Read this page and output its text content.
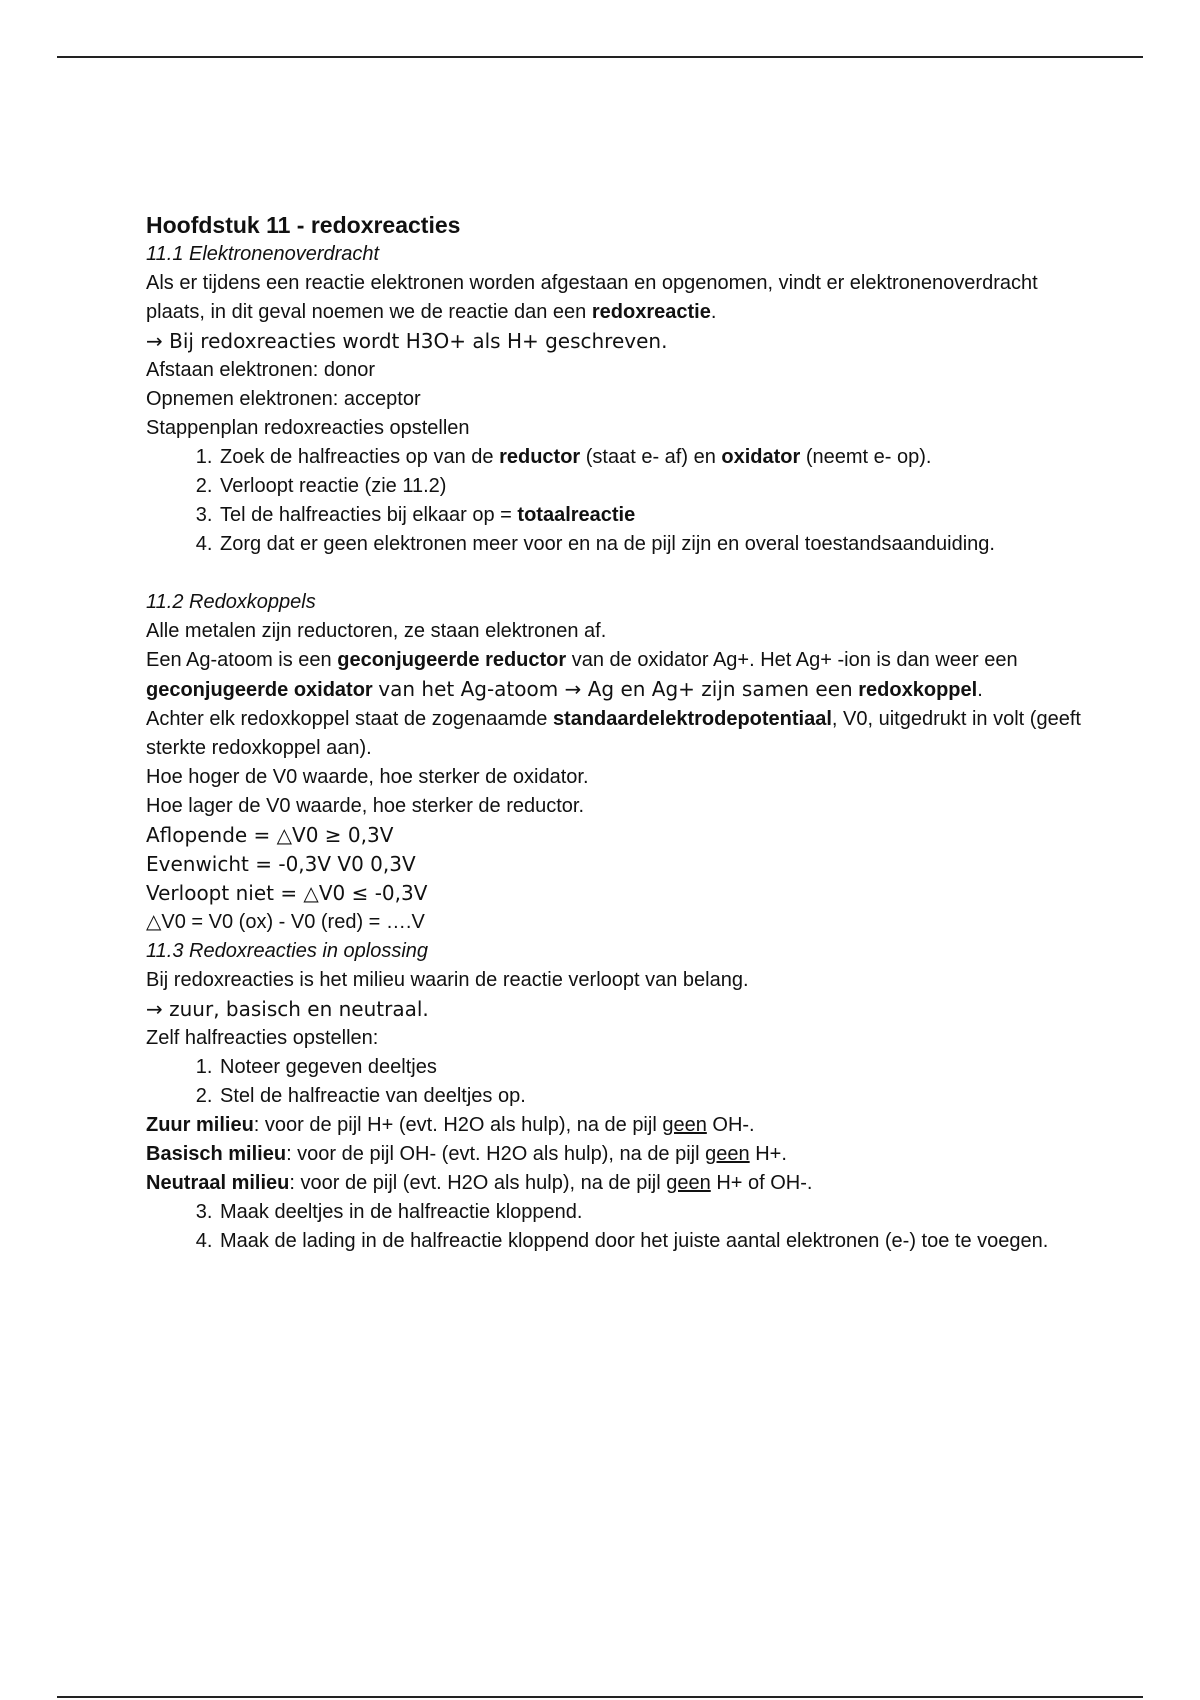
Hoofdstuk 11 - redoxreacties

11.1 Elektronenoverdracht

Als er tijdens een reactie elektronen worden afgestaan en opgenomen, vindt er elektronenoverdracht plaats, in dit geval noemen we de reactie dan een redoxreactie.

→ Bij redoxreacties wordt H3O+ als H+ geschreven.

Afstaan elektronen: donor

Opnemen elektronen: acceptor

Stappenplan redoxreacties opstellen

1. Zoek de halfreacties op van de reductor (staat e- af) en oxidator (neemt e- op).
2. Verloopt reactie (zie 11.2)
3. Tel de halfreacties bij elkaar op = totaalreactie
4. Zorg dat er geen elektronen meer voor en na de pijl zijn en overal toestandsaanduiding.

11.2 Redoxkoppels

Alle metalen zijn reductoren, ze staan elektronen af.

Een Ag-atoom is een geconjugeerde reductor van de oxidator Ag+. Het Ag+ -ion is dan weer een geconjugeerde oxidator van het Ag-atoom → Ag en Ag+ zijn samen een redoxkoppel.

Achter elk redoxkoppel staat de zogenaamde standaardelektrodepotentiaal, V0, uitgedrukt in volt (geeft sterkte redoxkoppel aan).

Hoe hoger de V0 waarde, hoe sterker de oxidator.

Hoe lager de V0 waarde, hoe sterker de reductor.

Aflopende = △V0 ≥ 0,3V

Evenwicht = -0,3V V0 0,3V

Verloopt niet = △V0 ≤ -0,3V

△V0 = V0 (ox) - V0 (red) = ….V

11.3 Redoxreacties in oplossing

Bij redoxreacties is het milieu waarin de reactie verloopt van belang.

→ zuur, basisch en neutraal.

Zelf halfreacties opstellen:

1. Noteer gegeven deeltjes
2. Stel de halfreactie van deeltjes op.

Zuur milieu: voor de pijl H+ (evt. H2O als hulp), na de pijl geen OH-.

Basisch milieu: voor de pijl OH- (evt. H2O als hulp), na de pijl geen H+.

Neutraal milieu: voor de pijl (evt. H2O als hulp), na de pijl geen H+ of OH-.

3. Maak deeltjes in de halfreactie kloppend.
4. Maak de lading in de halfreactie kloppend door het juiste aantal elektronen (e-) toe te voegen.
